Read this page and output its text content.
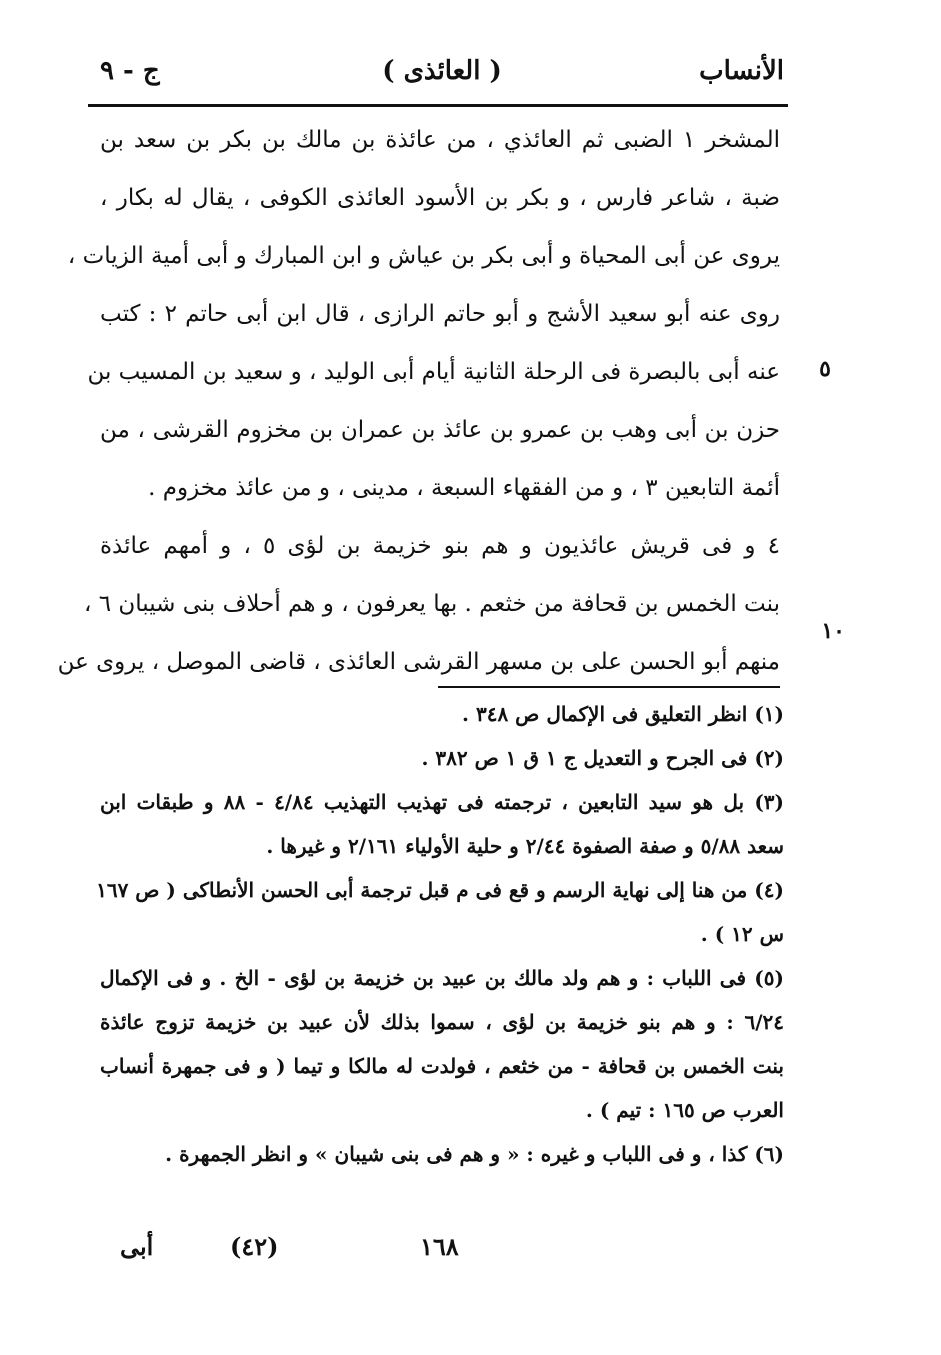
الأنساب
( العائذى )
ج - ٩
٥
١٠
المشخر ١ الضبى ثم العائذي ، من عائذة بن مالك بن بكر بن سعد بن
ضبة ، شاعر فارس ، و بكر بن الأسود العائذى الكوفى ، يقال له بكار ،
يروى عن أبى المحياة و أبى بكر بن عياش و ابن المبارك و أبى أمية الزيات ،
روى عنه أبو سعيد الأشج و أبو حاتم الرازى ، قال ابن أبى حاتم ٢ : كتب
عنه أبى بالبصرة فى الرحلة الثانية أيام أبى الوليد ، و سعيد بن المسيب بن
حزن بن أبى وهب بن عمرو بن عائذ بن عمران بن مخزوم القرشى ، من
أئمة التابعين ٣ ، و من الفقهاء السبعة ، مدينى ، و من عائذ مخزوم .
٤ و فى قريش عائذيون و هم بنو خزيمة بن لؤى ٥ ، و أمهم عائذة
بنت الخمس بن قحافة من خثعم . بها يعرفون ، و هم أحلاف بنى شيبان ٦ ،
منهم أبو الحسن على بن مسهر القرشى العائذى ، قاضى الموصل ، يروى عن
(١) انظر التعليق فى الإكمال ص ٣٤٨ .
(٢) فى الجرح و التعديل ج ١ ق ١ ص ٣٨٢ .
(٣) بل هو سيد التابعين ، ترجمته فى تهذيب التهذيب ٤/٨٤ - ٨٨ و طبقات ابن
سعد ٥/٨٨ و صفة الصفوة ٢/٤٤ و حلية الأولياء ٢/١٦١ و غيرها .
(٤) من هنا إلى نهاية الرسم و قع فى م قبل ترجمة أبى الحسن الأنطاكى ( ص ١٦٧
س ١٢ ) .
(٥) فى اللباب : و هم ولد مالك بن عبيد بن خزيمة بن لؤى - الخ . و فى الإكمال
٦/٢٤ : و هم بنو خزيمة بن لؤى ، سموا بذلك لأن عبيد بن خزيمة تزوج عائذة
بنت الخمس بن قحافة - من خثعم ، فولدت له مالكا و تيما ( و فى جمهرة أنساب
العرب ص ١٦٥ : تيم ) .
(٦) كذا ، و فى اللباب و غيره : « و هم فى بنى شيبان » و انظر الجمهرة .
أبى	(٤٢)	١٦٨
